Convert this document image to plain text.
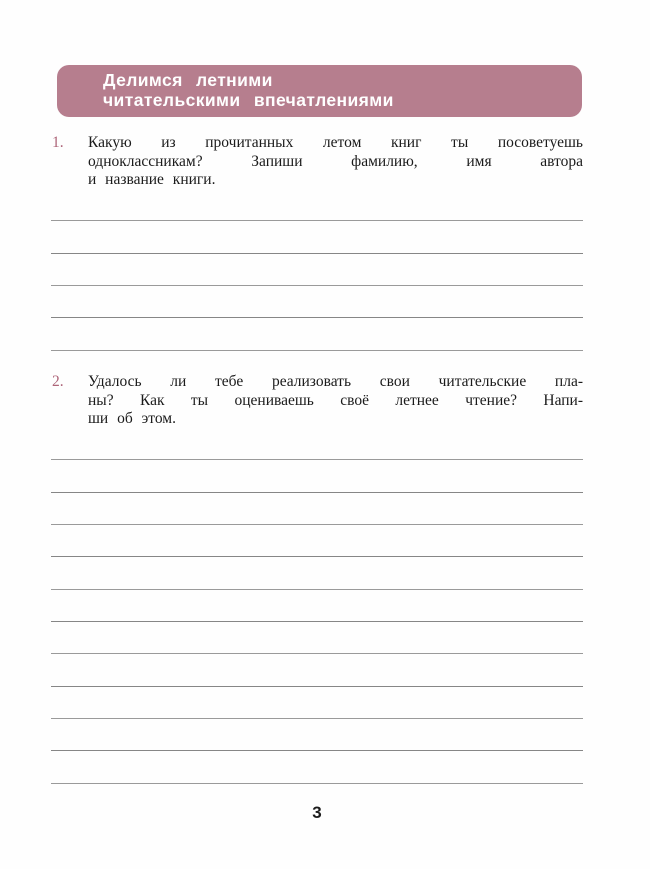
Делимся летними
читательскими впечатлениями
1. Какую из прочитанных летом книг ты посоветуешь
одноклассникам? Запиши фамилию, имя автора
и название книги.
2. Удалось ли тебе реализовать свои читательские пла-
ны? Как ты оцениваешь своё летнее чтение? Напи-
ши об этом.
3
